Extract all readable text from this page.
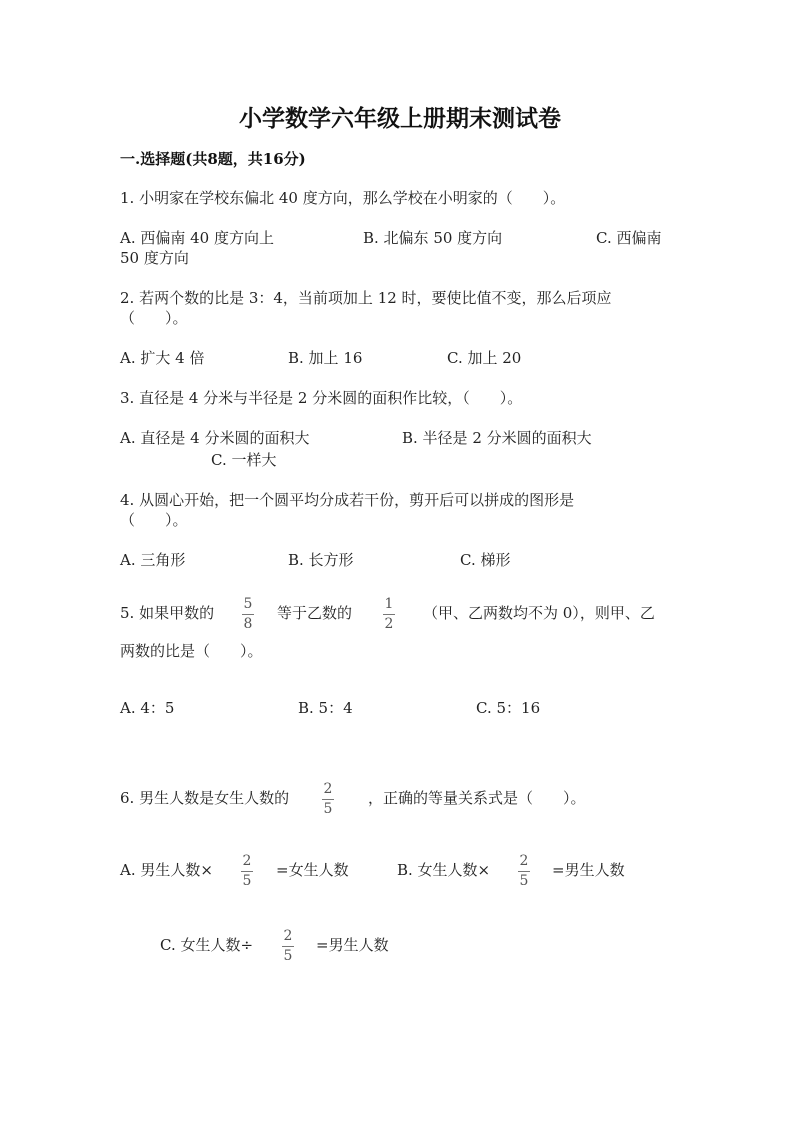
小学数学六年级上册期末测试卷
一.选择题(共8题，共16分)
1. 小明家在学校东偏北 40 度方向，那么学校在小明家的（　　）。
A. 西偏南 40 度方向上	B. 北偏东 50 度方向	C. 西偏南
50 度方向
2. 若两个数的比是 3：4，当前项加上 12 时，要使比值不变，那么后项应
（　　）。
A. 扩大 4 倍	B. 加上 16	C. 加上 20
3. 直径是 4 分米与半径是 2 分米圆的面积作比较，（　　）。
A. 直径是 4 分米圆的面积大	B. 半径是 2 分米圆的面积大
C. 一样大
4. 从圆心开始，把一个圆平均分成若干份，剪开后可以拼成的图形是
（　　）。
A. 三角形	B. 长方形	C. 梯形
5. 如果甲数的 5
8
等于乙数的 1
2
（甲、乙两数均不为 0），则甲、乙
两数的比是（　　）。
A. 4：5	B. 5：4	C. 5：16
6. 男生人数是女生人数的 2
5
，正确的等量关系式是（　　）。
A. 男生人数× 2
5
=女生人数	B. 女生人数× 2
5
=男生人数
C. 女生人数÷ 2
5
=男生人数
